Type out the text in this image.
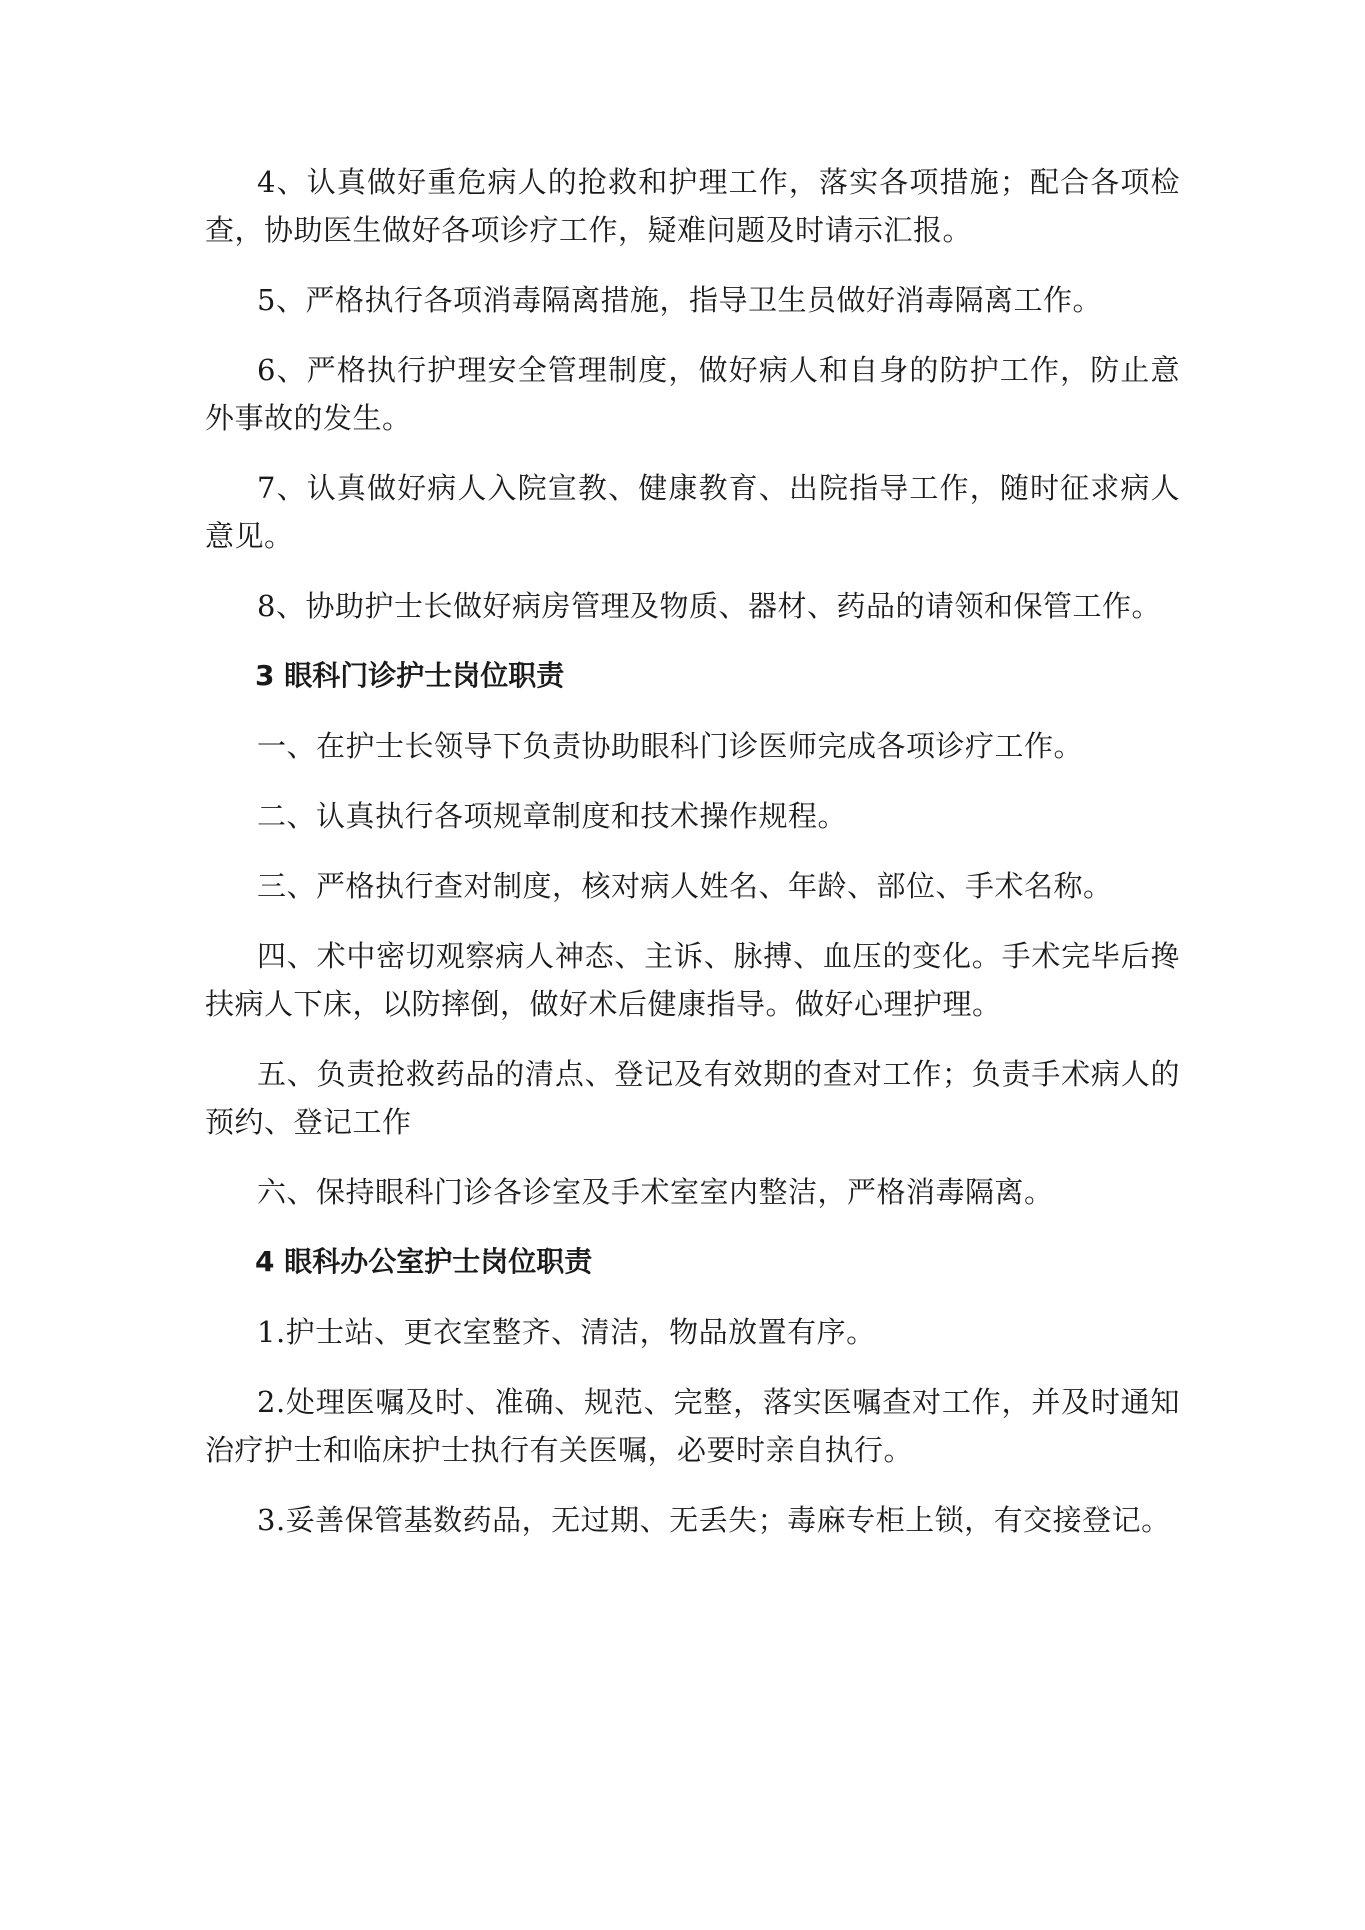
4、认真做好重危病人的抢救和护理工作，落实各项措施；配合各项检查，协助医生做好各项诊疗工作，疑难问题及时请示汇报。

5、严格执行各项消毒隔离措施，指导卫生员做好消毒隔离工作。

6、严格执行护理安全管理制度，做好病人和自身的防护工作，防止意外事故的发生。

7、认真做好病人入院宣教、健康教育、出院指导工作，随时征求病人意见。

8、协助护士长做好病房管理及物质、器材、药品的请领和保管工作。

3 眼科门诊护士岗位职责

一、在护士长领导下负责协助眼科门诊医师完成各项诊疗工作。

二、认真执行各项规章制度和技术操作规程。

三、严格执行查对制度，核对病人姓名、年龄、部位、手术名称。

四、术中密切观察病人神态、主诉、脉搏、血压的变化。手术完毕后搀扶病人下床，以防摔倒，做好术后健康指导。做好心理护理。

五、负责抢救药品的清点、登记及有效期的查对工作；负责手术病人的预约、登记工作

六、保持眼科门诊各诊室及手术室室内整洁，严格消毒隔离。

4 眼科办公室护士岗位职责

1.护士站、更衣室整齐、清洁，物品放置有序。

2.处理医嘱及时、准确、规范、完整，落实医嘱查对工作，并及时通知治疗护士和临床护士执行有关医嘱，必要时亲自执行。

3.妥善保管基数药品，无过期、无丢失；毒麻专柜上锁，有交接登记。
